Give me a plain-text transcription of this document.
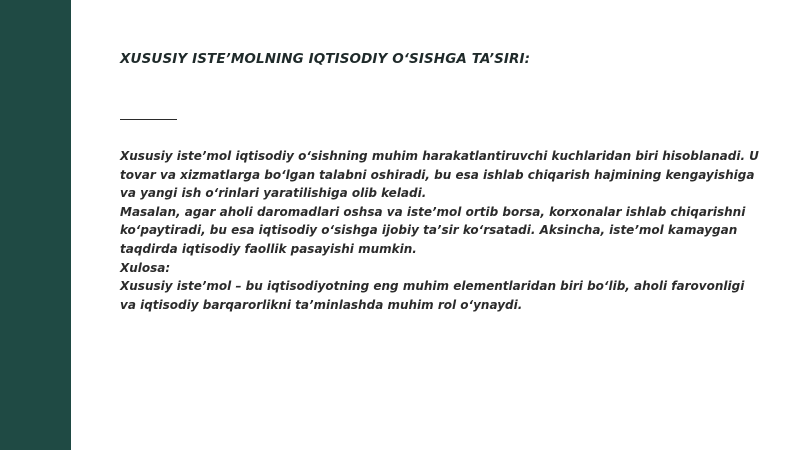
XUSUSIY ISTE’MOLNING IQTISODIY O‘SISHGA TA’SIRI:

Xususiy iste’mol iqtisodiy o‘sishning muhim harakatlantiruvchi kuchlaridan biri hisoblanadi. U tovar va xizmatlarga bo‘lgan talabni oshiradi, bu esa ishlab chiqarish hajmining kengayishiga va yangi ish o‘rinlari yaratilishiga olib keladi.

Masalan, agar aholi daromadlari oshsa va iste’mol ortib borsa, korxonalar ishlab chiqarishni ko‘paytiradi, bu esa iqtisodiy o‘sishga ijobiy ta’sir ko‘rsatadi. Aksincha, iste’mol kamaygan taqdirda iqtisodiy faollik pasayishi mumkin.

Xulosa:

Xususiy iste’mol – bu iqtisodiyotning eng muhim elementlaridan biri bo‘lib, aholi farovonligi va iqtisodiy barqarorlikni ta’minlashda muhim rol o‘ynaydi.
